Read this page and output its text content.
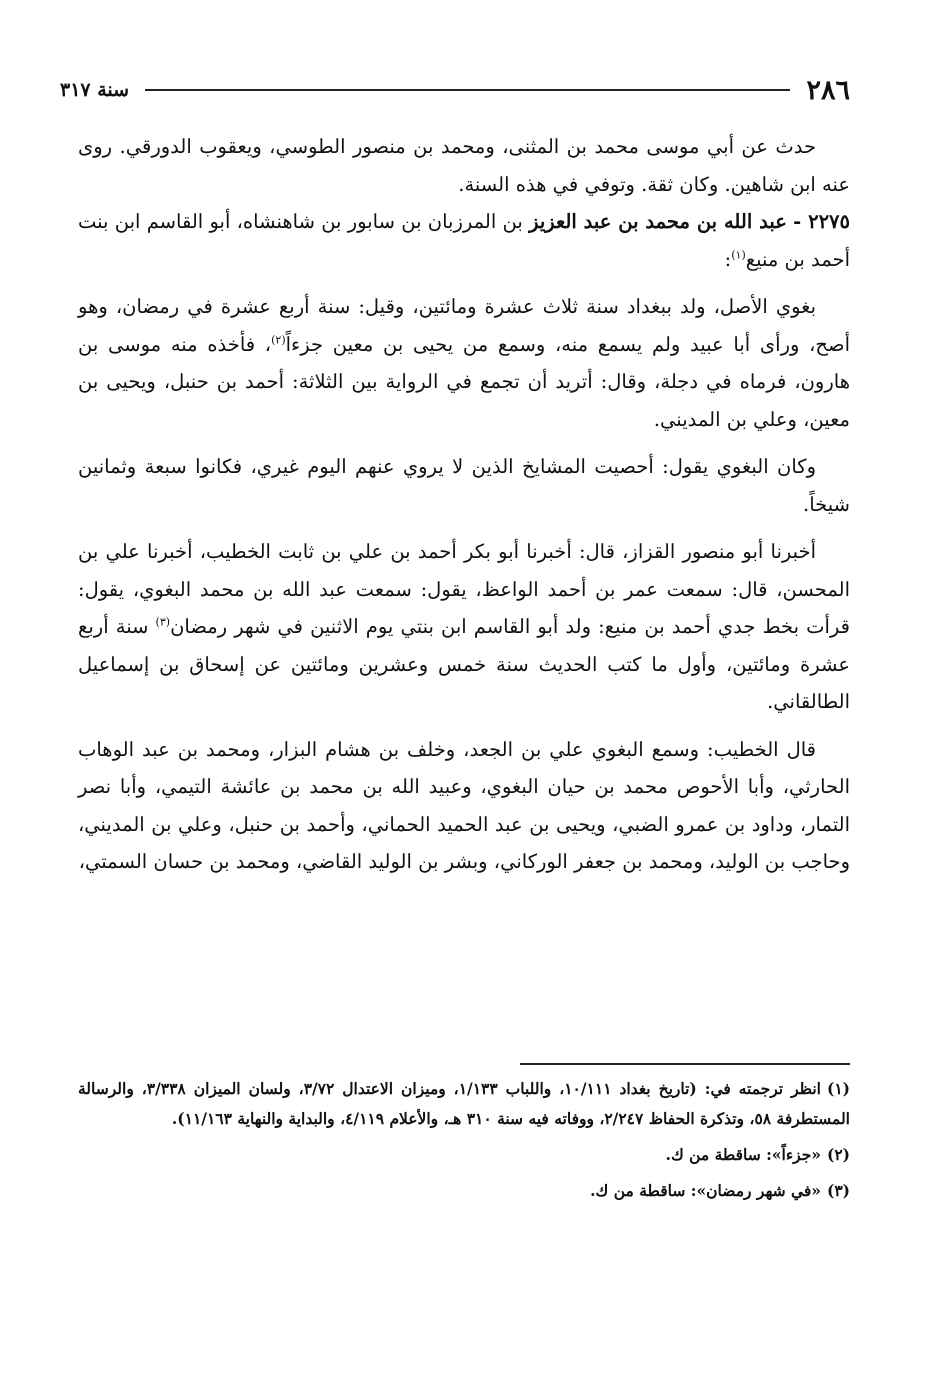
٢٨٦
سنة ٣١٧

حدث عن أبي موسى محمد بن المثنى، ومحمد بن منصور الطوسي، ويعقوب الدورقي. روى عنه ابن شاهين. وكان ثقة. وتوفي في هذه السنة.

٢٢٧٥ - عبد الله بن محمد بن عبد العزيز بن المرزبان بن سابور بن شاهنشاه، أبو القاسم ابن بنت أحمد بن منيع$^{(١)}$:

بغوي الأصل، ولد ببغداد سنة ثلاث عشرة ومائتين، وقيل: سنة أربع عشرة في رمضان، وهو أصح، ورأى أبا عبيد ولم يسمع منه، وسمع من يحيى بن معين جزءاً$^{(٢)}$، فأخذه منه موسى بن هارون، فرماه في دجلة، وقال: أتريد أن تجمع في الرواية بين الثلاثة: أحمد بن حنبل، ويحيى بن معين، وعلي بن المديني.

وكان البغوي يقول: أحصيت المشايخ الذين لا يروي عنهم اليوم غيري، فكانوا سبعة وثمانين شيخاً.

أخبرنا أبو منصور القزاز، قال: أخبرنا أبو بكر أحمد بن علي بن ثابت الخطيب، أخبرنا علي بن المحسن، قال: سمعت عمر بن أحمد الواعظ، يقول: سمعت عبد الله بن محمد البغوي، يقول: قرأت بخط جدي أحمد بن منيع: ولد أبو القاسم ابن بنتي يوم الاثنين في شهر رمضان$^{(٣)}$ سنة أربع عشرة ومائتين، وأول ما كتب الحديث سنة خمس وعشرين ومائتين عن إسحاق بن إسماعيل الطالقاني.

قال الخطيب: وسمع البغوي علي بن الجعد، وخلف بن هشام البزار، ومحمد بن عبد الوهاب الحارثي، وأبا الأحوص محمد بن حيان البغوي، وعبيد الله بن محمد بن عائشة التيمي، وأبا نصر التمار، وداود بن عمرو الضبي، ويحيى بن عبد الحميد الحماني، وأحمد بن حنبل، وعلي بن المديني، وحاجب بن الوليد، ومحمد بن جعفر الوركاني، وبشر بن الوليد القاضي، ومحمد بن حسان السمتي،

(١)انظر ترجمته في: (تاريخ بغداد ١٠/١١١، واللباب ١/١٣٣، وميزان الاعتدال ٣/٧٢، ولسان الميزان ٣/٣٣٨، والرسالة المستطرفة ٥٨، وتذكرة الحفاظ ٢/٢٤٧، ووفاته فيه سنة ٣١٠ هـ، والأعلام ٤/١١٩، والبداية والنهاية ١١/١٦٣).

(٢)«جزءاً»: ساقطة من ك.

(٣)«في شهر رمضان»: ساقطة من ك.
